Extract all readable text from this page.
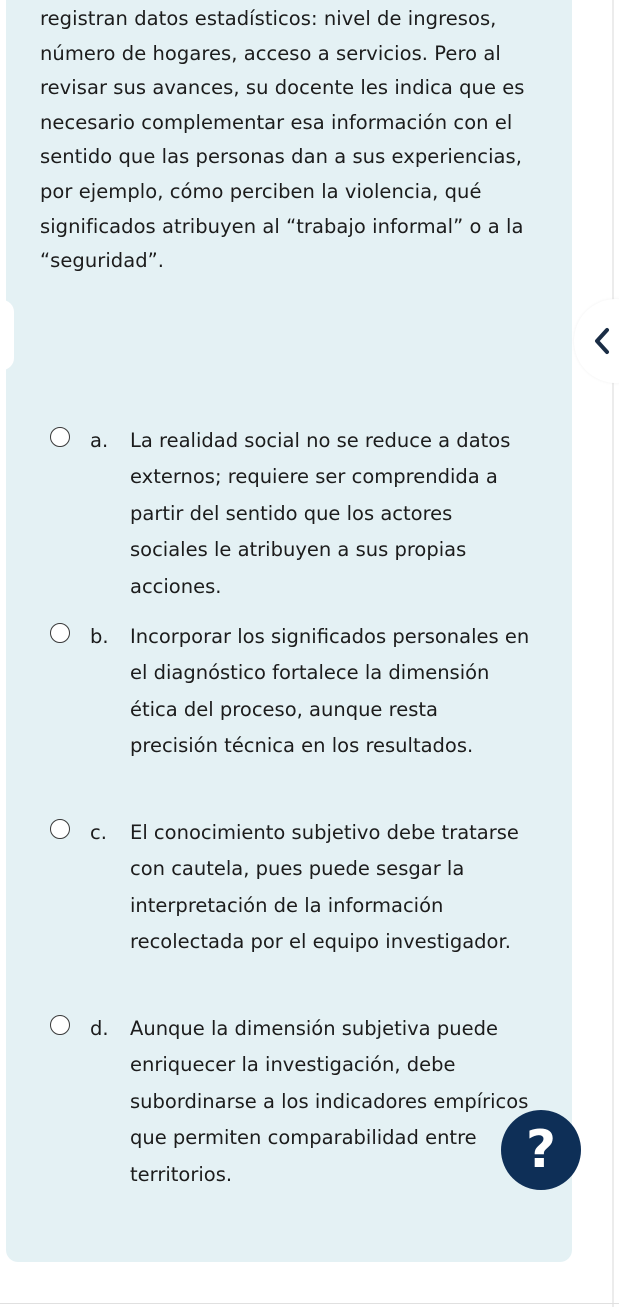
registran datos estadísticos: nivel de ingresos, número de hogares, acceso a servicios. Pero al revisar sus avances, su docente les indica que es necesario complementar esa información con el sentido que las personas dan a sus experiencias, por ejemplo, cómo perciben la violencia, qué significados atribuyen al “trabajo informal” o a la “seguridad”.

a. La realidad social no se reduce a datos externos; requiere ser comprendida a partir del sentido que los actores sociales le atribuyen a sus propias acciones.

b. Incorporar los significados personales en el diagnóstico fortalece la dimensión ética del proceso, aunque resta precisión técnica en los resultados.

c. El conocimiento subjetivo debe tratarse con cautela, pues puede sesgar la interpretación de la información recolectada por el equipo investigador.

d. Aunque la dimensión subjetiva puede enriquecer la investigación, debe subordinarse a los indicadores empíricos que permiten comparabilidad entre territorios.	?
